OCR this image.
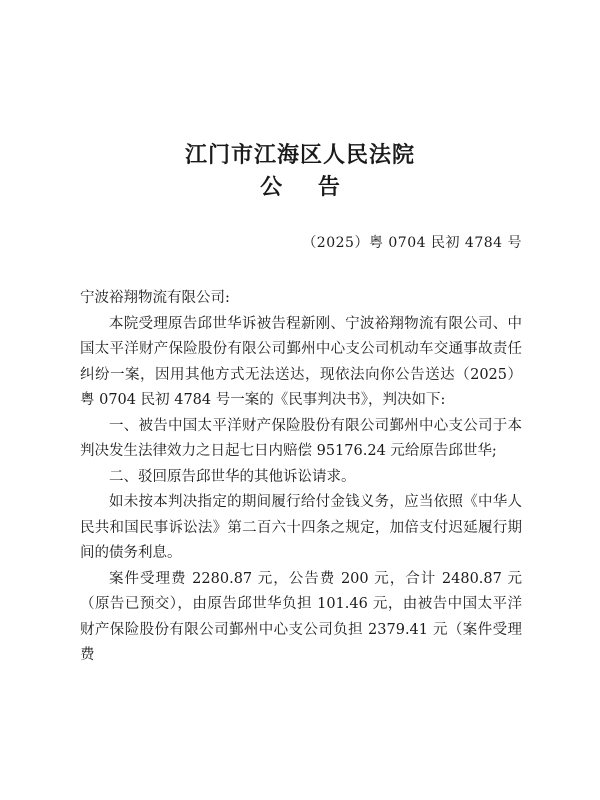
江门市江海区人民法院
公 告
（2025）粤 0704 民初 4784 号

宁波裕翔物流有限公司:

本院受理原告邱世华诉被告程新刚、宁波裕翔物流有限公司、中国太平洋财产保险股份有限公司鄞州中心支公司机动车交通事故责任纠纷一案，因用其他方式无法送达，现依法向你公告送达（2025）粤 0704 民初 4784 号一案的《民事判决书》，判决如下:

一、被告中国太平洋财产保险股份有限公司鄞州中心支公司于本判决发生法律效力之日起七日内赔偿 95176.24 元给原告邱世华;

二、驳回原告邱世华的其他诉讼请求。

如未按本判决指定的期间履行给付金钱义务，应当依照《中华人民共和国民事诉讼法》第二百六十四条之规定，加倍支付迟延履行期间的债务利息。

案件受理费 2280.87 元，公告费 200 元，合计 2480.87 元（原告已预交），由原告邱世华负担 101.46 元，由被告中国太平洋财产保险股份有限公司鄞州中心支公司负担 2379.41 元（案件受理费
